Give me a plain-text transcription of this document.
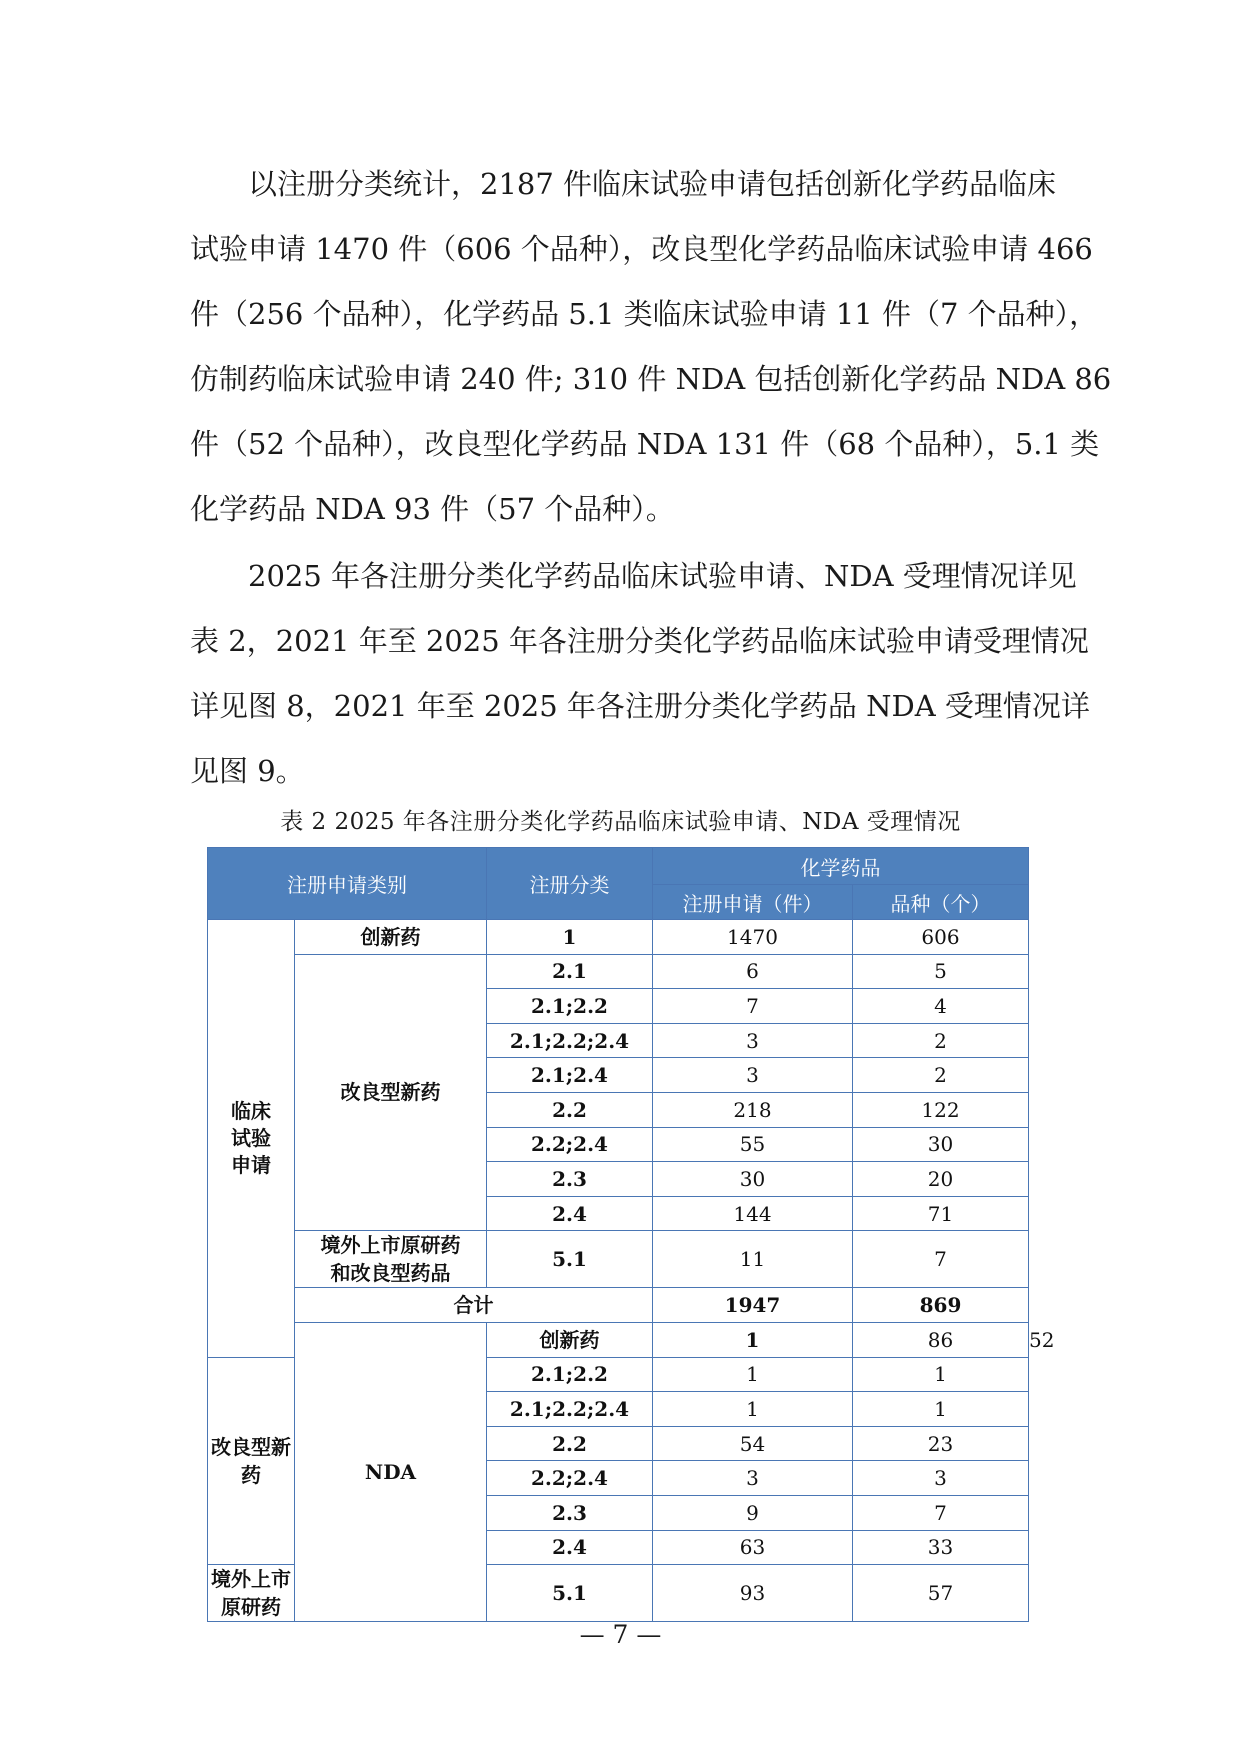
以注册分类统计，2187 件临床试验申请包括创新化学药品临床
试验申请 1470 件（606 个品种），改良型化学药品临床试验申请 466
件（256 个品种），化学药品 5.1 类临床试验申请 11 件（7 个品种），
仿制药临床试验申请 240 件; 310 件 NDA 包括创新化学药品 NDA 86
件（52 个品种），改良型化学药品 NDA 131 件（68 个品种），5.1 类
化学药品 NDA 93 件（57 个品种）。
2025 年各注册分类化学药品临床试验申请、NDA 受理情况详见
表 2，2021 年至 2025 年各注册分类化学药品临床试验申请受理情况
详见图 8，2021 年至 2025 年各注册分类化学药品 NDA 受理情况详
见图 9。
表 2 2025 年各注册分类化学药品临床试验申请、NDA 受理情况
注册申请类别		注册分类	化学药品		
			注册申请（件）	品种（个）	

临床
试验
申请	创新药	1	1470	606	
	改良型新药	2.1	6	5	
		2.1;2.2	7	4	
		2.1;2.2;2.4	3	2	
		2.1;2.4	3	2	
		2.2	218	122	
		2.2;2.4	55	30	
		2.3	30	20	
		2.4	144	71	

	境外上市原研药
和改良型药品	5.1	11	7	
	合计		1947	869	
	NDA	创新药	1	86	52
改良型新药		2.1;2.2	1	1	
		2.1;2.2;2.4	1	1	
		2.2	54	23	
		2.2;2.4	3	3	
		2.3	9	7	
		2.4	63	33	
境外上市原研药		5.1	93	57	
— 7 —
